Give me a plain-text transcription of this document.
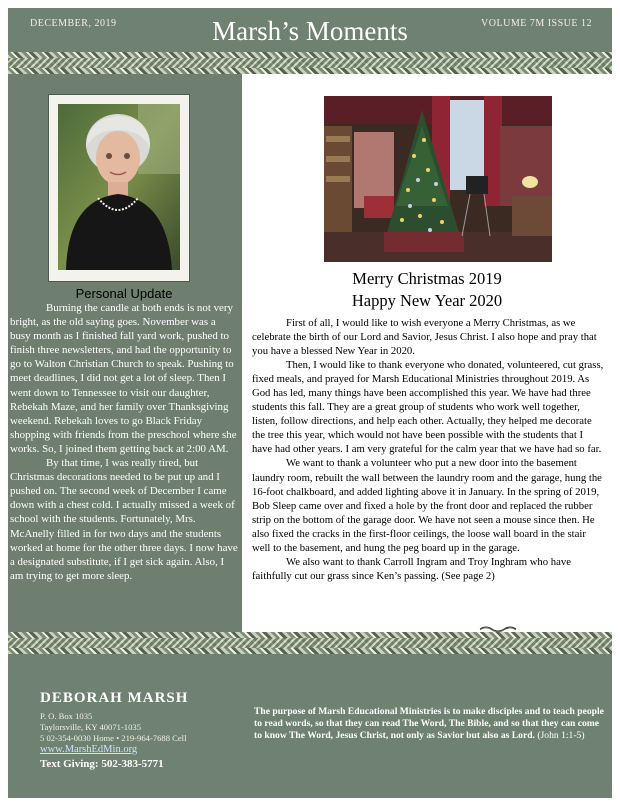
DECEMBER, 2019	Marsh’s Moments	VOLUME 7M ISSUE 12
Personal Update

Burning the candle at both ends is not very bright, as the old saying goes. November was a busy month as I finished fall yard work, pushed to finish three newsletters, and had the opportunity to go to Walton Christian Church to speak. Pushing to meet deadlines, I did not get a lot of sleep. Then I went down to Tennessee to visit our daughter, Rebekah Maze, and her family over Thanksgiving weekend. Rebekah loves to go Black Friday shopping with friends from the preschool where she works. So, I joined them getting back at 2:00 AM.

By that time, I was really tired, but Christmas decorations needed to be put up and I pushed on. The second week of December I came down with a chest cold. I actually missed a week of school with the students. Fortunately, Mrs. McAnelly filled in for two days and the students worked at home for the other three days. I now have a designated substitute, if I get sick again. Also, I am trying to get more sleep.

Merry Christmas 2019
Happy New Year 2020

First of all, I would like to wish everyone a Merry Christmas, as we celebrate the birth of our Lord and Savior, Jesus Christ. I also hope and pray that you have a blessed New Year in 2020.

Then, I would like to thank everyone who donated, volunteered, cut grass, fixed meals, and prayed for Marsh Educational Ministries throughout 2019. As God has led, many things have been accomplished this year. We have had three students this fall. They are a great group of students who work well together, listen, follow directions, and help each other. Actually, they helped me decorate the tree this year, which would not have been possible with the students that I have had other years. I am very grateful for the calm year that we have had so far.

We want to thank a volunteer who put a new door into the basement laundry room, rebuilt the wall between the laundry room and the garage, hung the 16-foot chalkboard, and added lighting above it in January. In the spring of 2019, Bob Sleep came over and fixed a hole by the front door and replaced the rubber strip on the bottom of the garage door. We have not seen a mouse since then. He also fixed the cracks in the first-floor ceilings, the loose wall board in the stair well to the basement, and hung the peg board up in the garage.

We also want to thank Carroll Ingram and Troy Inghram who have faithfully cut our grass since Ken’s passing. (See page 2)

DEBORAH MARSH
P. O. Box 1035
Taylorsville, KY 40071-1035
5 02-354-0030 Home • 219-964-7688 Cell
www.MarshEdMin.org
Text Giving: 502-383-5771
The purpose of Marsh Educational Ministries is to make disciples and to teach people to read words, so that they can read The Word, The Bible, and so that they can come to know The Word, Jesus Christ, not only as Savior but also as Lord. (John 1:1-5)
